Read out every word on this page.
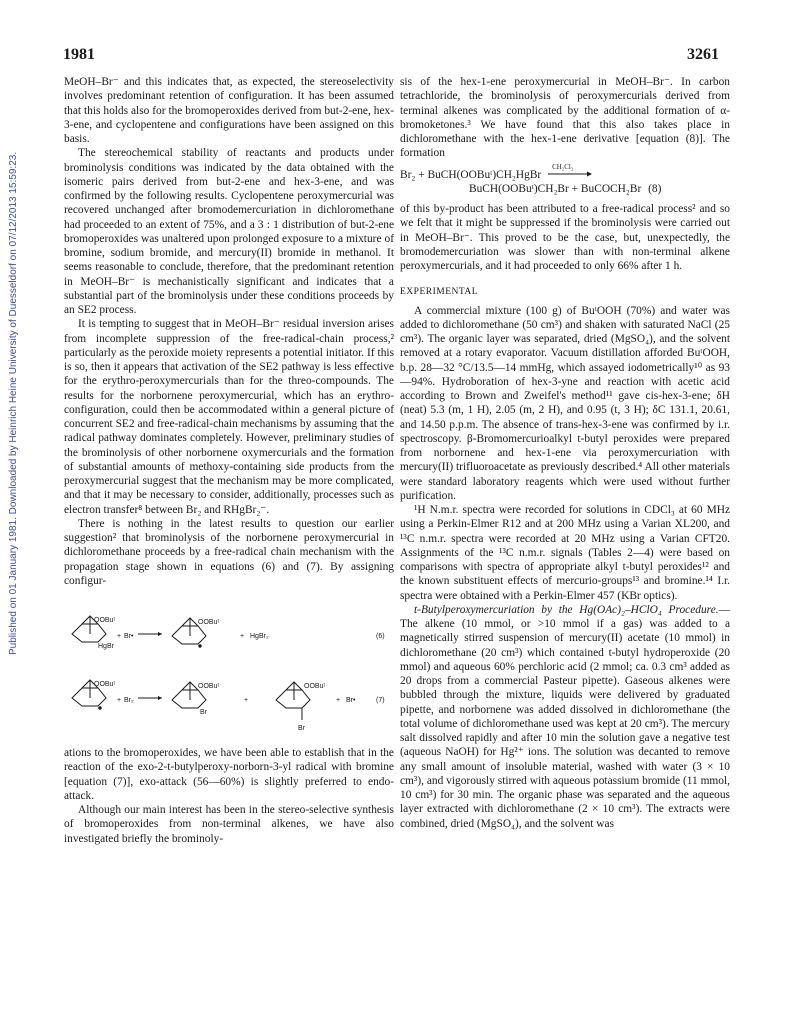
1981	3261
Published on 01 January 1981. Downloaded by Heinrich Heine University of Duesseldorf on 07/12/2013 15:59:23.

MeOH–Br⁻ and this indicates that, as expected, the stereoselectivity involves predominant retention of configuration. It has been assumed that this holds also for the bromoperoxides derived from but-2-ene, hex-3-ene, and cyclopentene and configurations have been assigned on this basis.

The stereochemical stability of reactants and products under brominolysis conditions was indicated by the data obtained with the isomeric pairs derived from but-2-ene and hex-3-ene, and was confirmed by the following results. Cyclopentene peroxymercurial was recovered unchanged after bromodemercuriation in dichloromethane had proceeded to an extent of 75%, and a 3 : 1 distribution of but-2-ene bromoperoxides was unaltered upon prolonged exposure to a mixture of bromine, sodium bromide, and mercury(II) bromide in methanol. It seems reasonable to conclude, therefore, that the predominant retention in MeOH–Br⁻ is mechanistically significant and indicates that a substantial part of the brominolysis under these conditions proceeds by an SE2 process.

It is tempting to suggest that in MeOH–Br⁻ residual inversion arises from incomplete suppression of the free-radical-chain process,² particularly as the peroxide moiety represents a potential initiator. If this is so, then it appears that activation of the SE2 pathway is less effective for the erythro-peroxymercurials than for the threo-compounds. The results for the norbornene peroxymercurial, which has an erythro-configuration, could then be accommodated within a general picture of concurrent SE2 and free-radical-chain mechanisms by assuming that the radical pathway dominates completely. However, preliminary studies of the brominolysis of other norbornene oxymercurials and the formation of substantial amounts of methoxy-containing side products from the peroxymercurial suggest that the mechanism may be more complicated, and that it may be necessary to consider, additionally, processes such as electron transfer⁸ between Br₂ and RHgBr₂⁻.

There is nothing in the latest results to question our earlier suggestion² that brominolysis of the norbornene peroxymercurial in dichloromethane proceeds by a free-radical chain mechanism with the propagation stage shown in equations (6) and (7). By assigning configur-

OOBuᵗ
HgBr
+ Br•
OOBuᵗ
+ HgBr₂	(6)
OOBuᵗ
+ Br₂
OOBuᵗ
Br
+
OOBuᵗ
Br
+ Br•	(7)

ations to the bromoperoxides, we have been able to establish that in the reaction of the exo-2-t-butylperoxy-norborn-3-yl radical with bromine [equation (7)], exo-attack (56—60%) is slightly preferred to endo-attack.

Although our main interest has been in the stereo-selective synthesis of bromoperoxides from non-terminal alkenes, we have also investigated briefly the brominoly-

sis of the hex-1-ene peroxymercurial in MeOH–Br⁻. In carbon tetrachloride, the brominolysis of peroxymercurials derived from terminal alkenes was complicated by the additional formation of α-bromoketones.³ We have found that this also takes place in dichloromethane with the hex-1-ene derivative [equation (8)]. The formation

Br₂ + BuCH(OOBuᵗ)CH₂HgBr
CH₂Cl₂
BuCH(OOBuᵗ)CH₂Br + BuCOCH₂Br (8)

of this by-product has been attributed to a free-radical process² and so we felt that it might be suppressed if the brominolysis were carried out in MeOH–Br⁻. This proved to be the case, but, unexpectedly, the bromodemercuriation was slower than with non-terminal alkene peroxymercurials, and it had proceeded to only 66% after 1 h.

EXPERIMENTAL

A commercial mixture (100 g) of BuᵗOOH (70%) and water was added to dichloromethane (50 cm³) and shaken with saturated NaCl (25 cm³). The organic layer was separated, dried (MgSO₄), and the solvent removed at a rotary evaporator. Vacuum distillation afforded BuᵗOOH, b.p. 28—32 °C/13.5—14 mmHg, which assayed iodometrically¹⁰ as 93—94%. Hydroboration of hex-3-yne and reaction with acetic acid according to Brown and Zweifel's method¹¹ gave cis-hex-3-ene; δH (neat) 5.3 (m, 1 H), 2.05 (m, 2 H), and 0.95 (t, 3 H); δC 131.1, 20.61, and 14.50 p.p.m. The absence of trans-hex-3-ene was confirmed by i.r. spectroscopy. β-Bromomercurioalkyl t-butyl peroxides were prepared from norbornene and hex-1-ene via peroxymercuriation with mercury(II) trifluoroacetate as previously described.⁴ All other materials were standard laboratory reagents which were used without further purification.

¹H N.m.r. spectra were recorded for solutions in CDCl₃ at 60 MHz using a Perkin-Elmer R12 and at 200 MHz using a Varian XL200, and ¹³C n.m.r. spectra were recorded at 20 MHz using a Varian CFT20. Assignments of the ¹³C n.m.r. signals (Tables 2—4) were based on comparisons with spectra of appropriate alkyl t-butyl peroxides¹² and the known substituent effects of mercurio-groups¹³ and bromine.¹⁴ I.r. spectra were obtained with a Perkin-Elmer 457 (KBr optics).

t-Butylperoxymercuriation by the Hg(OAc)₂–HClO₄ Procedure.—The alkene (10 mmol, or >10 mmol if a gas) was added to a magnetically stirred suspension of mercury(II) acetate (10 mmol) in dichloromethane (20 cm³) which contained t-butyl hydroperoxide (20 mmol) and aqueous 60% perchloric acid (2 mmol; ca. 0.3 cm³ added as 20 drops from a commercial Pasteur pipette). Gaseous alkenes were bubbled through the mixture, liquids were delivered by graduated pipette, and norbornene was added dissolved in dichloromethane (the total volume of dichloromethane used was kept at 20 cm³). The mercury salt dissolved rapidly and after 10 min the solution gave a negative test (aqueous NaOH) for Hg²⁺ ions. The solution was decanted to remove any small amount of insoluble material, washed with water (3 × 10 cm³), and vigorously stirred with aqueous potassium bromide (11 mmol, 10 cm³) for 30 min. The organic phase was separated and the aqueous layer extracted with dichloromethane (2 × 10 cm³). The extracts were combined, dried (MgSO₄), and the solvent was
